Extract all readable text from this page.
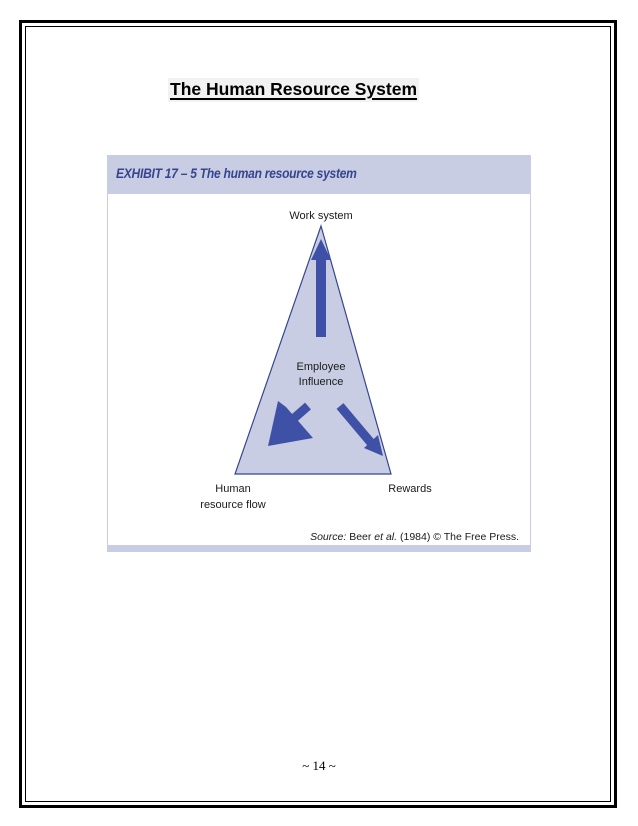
The Human Resource System
EXHIBIT 17 – 5 The human resource system
Work system
Employee
Influence
Human
resource flow
Rewards
Source: Beer et al. (1984) © The Free Press.
~ 14 ~
